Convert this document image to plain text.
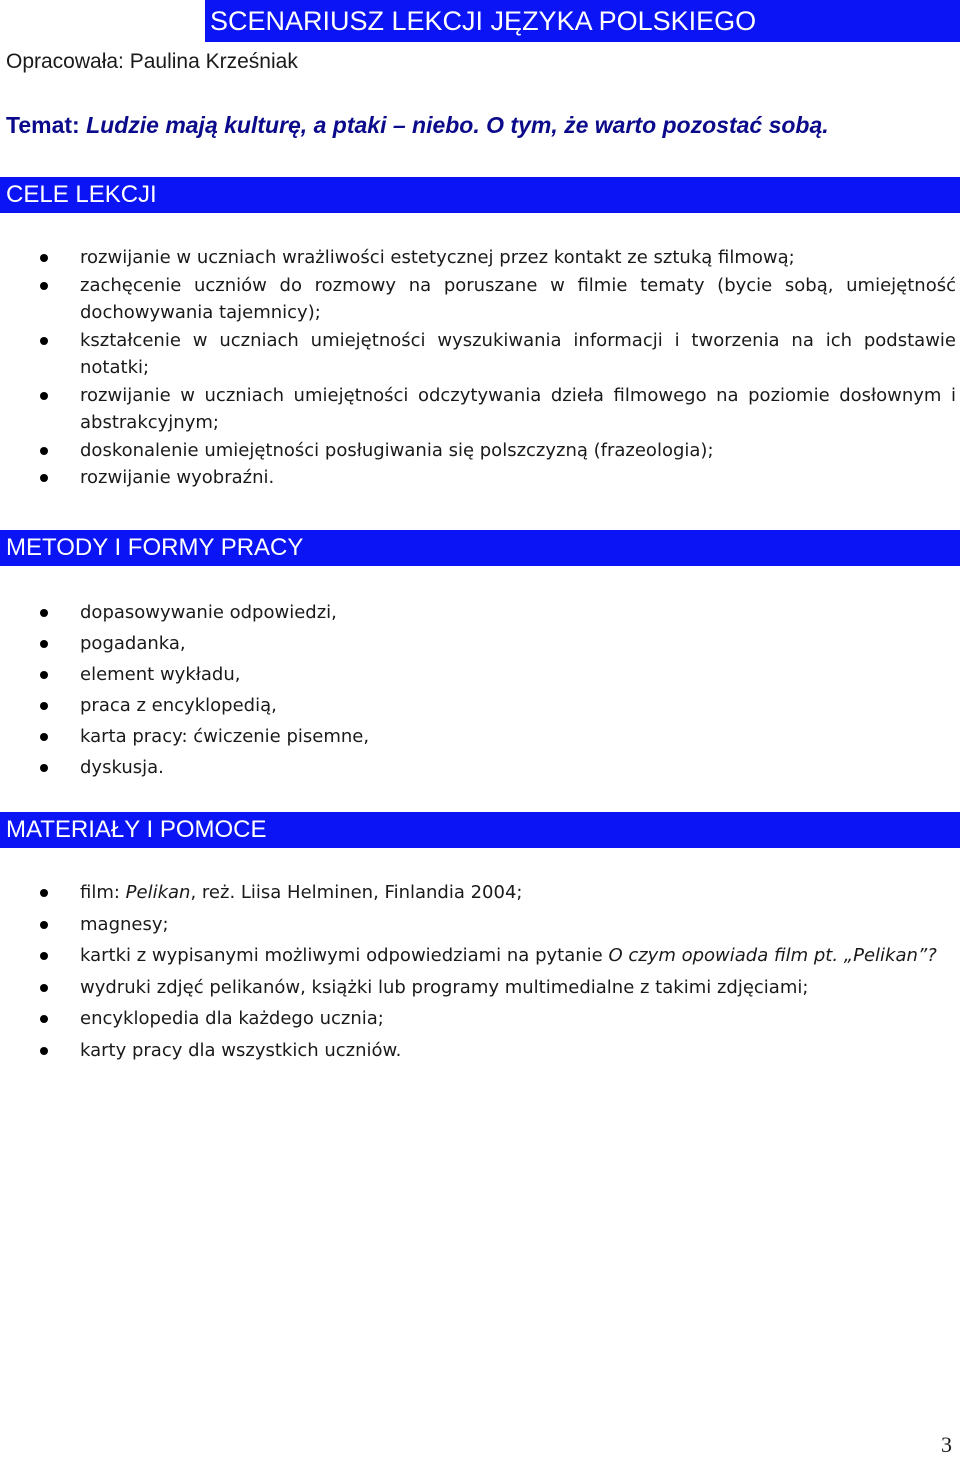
SCENARIUSZ LEKCJI JĘZYKA POLSKIEGO
Opracowała: Paulina Krześniak
Temat: Ludzie mają kulturę, a ptaki – niebo. O tym, że warto pozostać sobą.
CELE LEKCJI
rozwijanie w uczniach wrażliwości estetycznej przez kontakt ze sztuką filmową;
zachęcenie uczniów do rozmowy na poruszane w filmie tematy (bycie sobą, umiejętność dochowywania tajemnicy);
kształcenie w uczniach umiejętności wyszukiwania informacji i tworzenia na ich podstawie notatki;
rozwijanie w uczniach umiejętności odczytywania dzieła filmowego na poziomie dosłownym i abstrakcyjnym;
doskonalenie umiejętności posługiwania się polszczyzną (frazeologia);
rozwijanie wyobraźni.
METODY I FORMY PRACY
dopasowywanie odpowiedzi,
pogadanka,
element wykładu,
praca z encyklopedią,
karta pracy: ćwiczenie pisemne,
dyskusja.
MATERIAŁY I POMOCE
film: Pelikan, reż. Liisa Helminen, Finlandia 2004;
magnesy;
kartki z wypisanymi możliwymi odpowiedziami na pytanie O czym opowiada film pt. „Pelikan”?
wydruki zdjęć pelikanów, książki lub programy multimedialne z takimi zdjęciami;
encyklopedia dla każdego ucznia;
karty pracy dla wszystkich uczniów.
3
